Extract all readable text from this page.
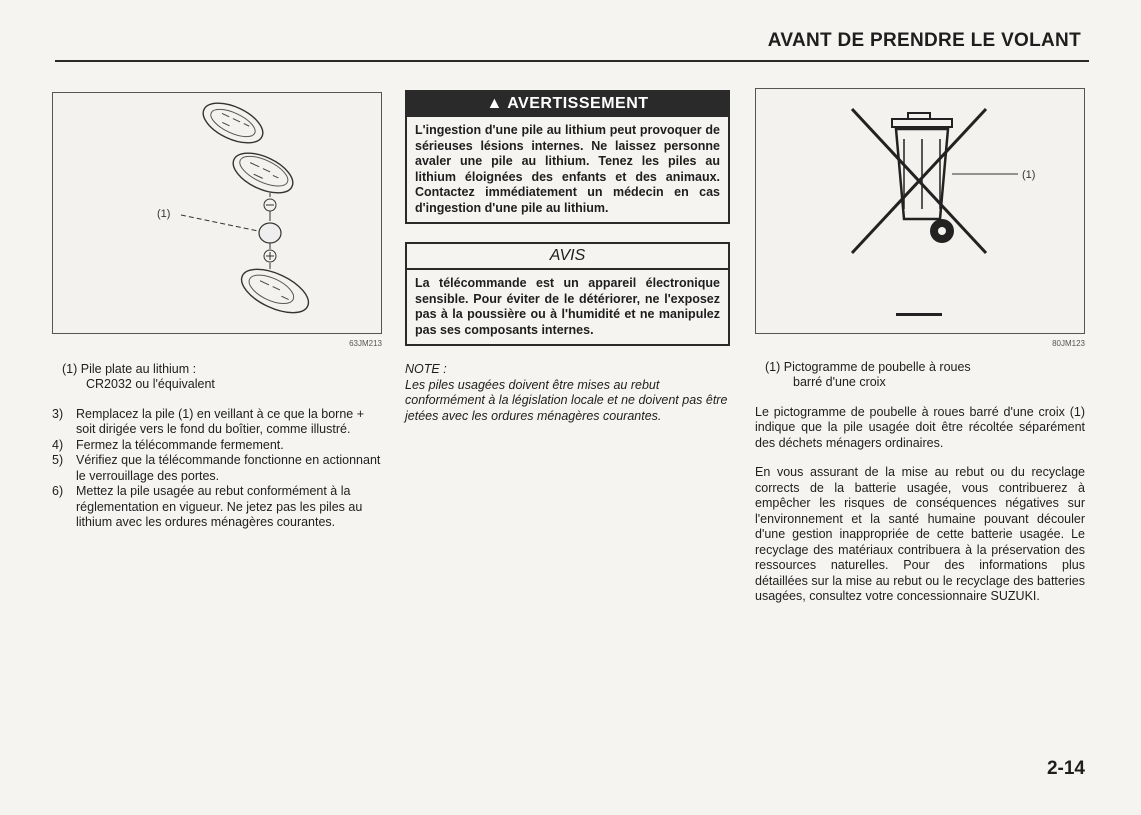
AVANT DE PRENDRE LE VOLANT
(1)
63JM213
(1) Pile plate au lithium :
CR2032 ou l'équivalent
3) Remplacez la pile (1) en veillant à ce que la borne + soit dirigée vers le fond du boîtier, comme illustré.
4) Fermez la télécommande fermement.
5) Vérifiez que la télécommande fonctionne en actionnant le verrouillage des portes.
6) Mettez la pile usagée au rebut conformément à la réglementation en vigueur. Ne jetez pas les piles au lithium avec les ordures ménagères courantes.
▲ AVERTISSEMENT
L'ingestion d'une pile au lithium peut provoquer de sérieuses lésions internes. Ne laissez personne avaler une pile au lithium. Tenez les piles au lithium éloignées des enfants et des animaux. Contactez immédiatement un médecin en cas d'ingestion d'une pile au lithium.
AVIS
La télécommande est un appareil électronique sensible. Pour éviter de le détériorer, ne l'exposez pas à la poussière ou à l'humidité et ne manipulez pas ses composants internes.
NOTE :
Les piles usagées doivent être mises au rebut conformément à la législation locale et ne doivent pas être jetées avec les ordures ménagères courantes.
(1)
80JM123
(1) Pictogramme de poubelle à roues
barré d'une croix
Le pictogramme de poubelle à roues barré d'une croix (1) indique que la pile usagée doit être récoltée séparément des déchets ménagers ordinaires.
En vous assurant de la mise au rebut ou du recyclage corrects de la batterie usagée, vous contribuerez à empêcher les risques de conséquences négatives sur l'environnement et la santé humaine pouvant découler d'une gestion inappropriée de cette batterie usagée. Le recyclage des matériaux contribuera à la préservation des ressources naturelles. Pour des informations plus détaillées sur la mise au rebut ou le recyclage des batteries usagées, consultez votre concessionnaire SUZUKI.
2-14
